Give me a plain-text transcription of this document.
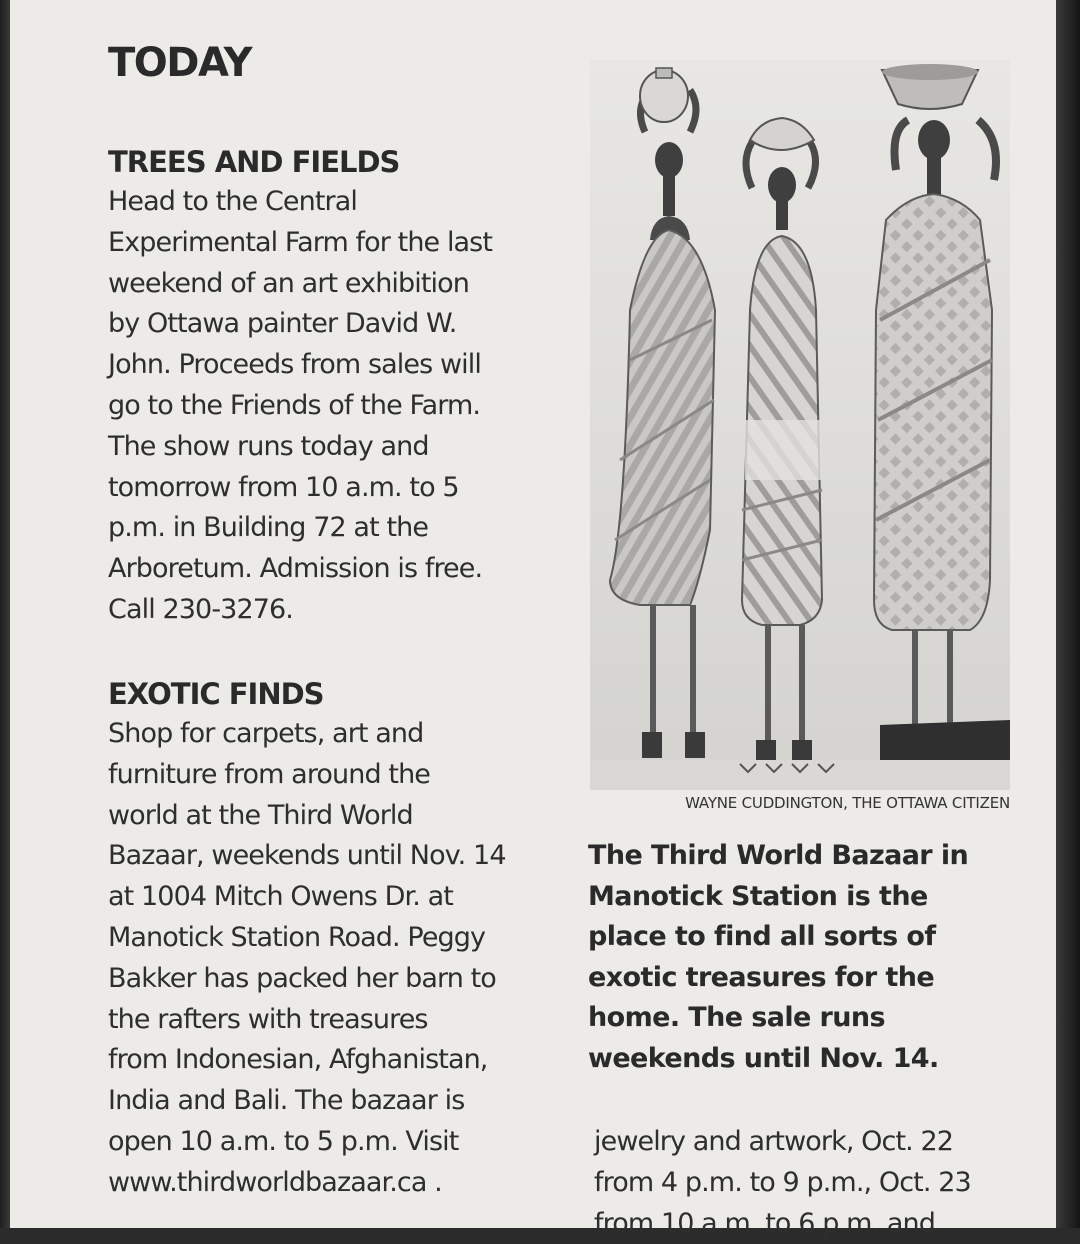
TODAY
TREES AND FIELDS

Head to the Central
Experimental Farm for the last
weekend of an art exhibition
by Ottawa painter David W.
John. Proceeds from sales will
go to the Friends of the Farm.
The show runs today and
tomorrow from 10 a.m. to 5
p.m. in Building 72 at the
Arboretum. Admission is free.
Call 230-3276.

EXOTIC FINDS

Shop for carpets, art and
furniture from around the
world at the Third World
Bazaar, weekends until Nov. 14
at 1004 Mitch Owens Dr. at
Manotick Station Road. Peggy
Bakker has packed her barn to
the rafters with treasures
from Indonesian, Afghanistan,
India and Bali. The bazaar is
open 10 a.m. to 5 p.m. Visit
www.thirdworldbazaar.ca .

WAYNE CUDDINGTON, THE OTTAWA CITIZEN

The Third World Bazaar in
Manotick Station is the
place to find all sorts of
exotic treasures for the
home. The sale runs
weekends until Nov. 14.

jewelry and artwork, Oct. 22
from 4 p.m. to 9 p.m., Oct. 23
from 10 a.m. to 6 p.m. and
